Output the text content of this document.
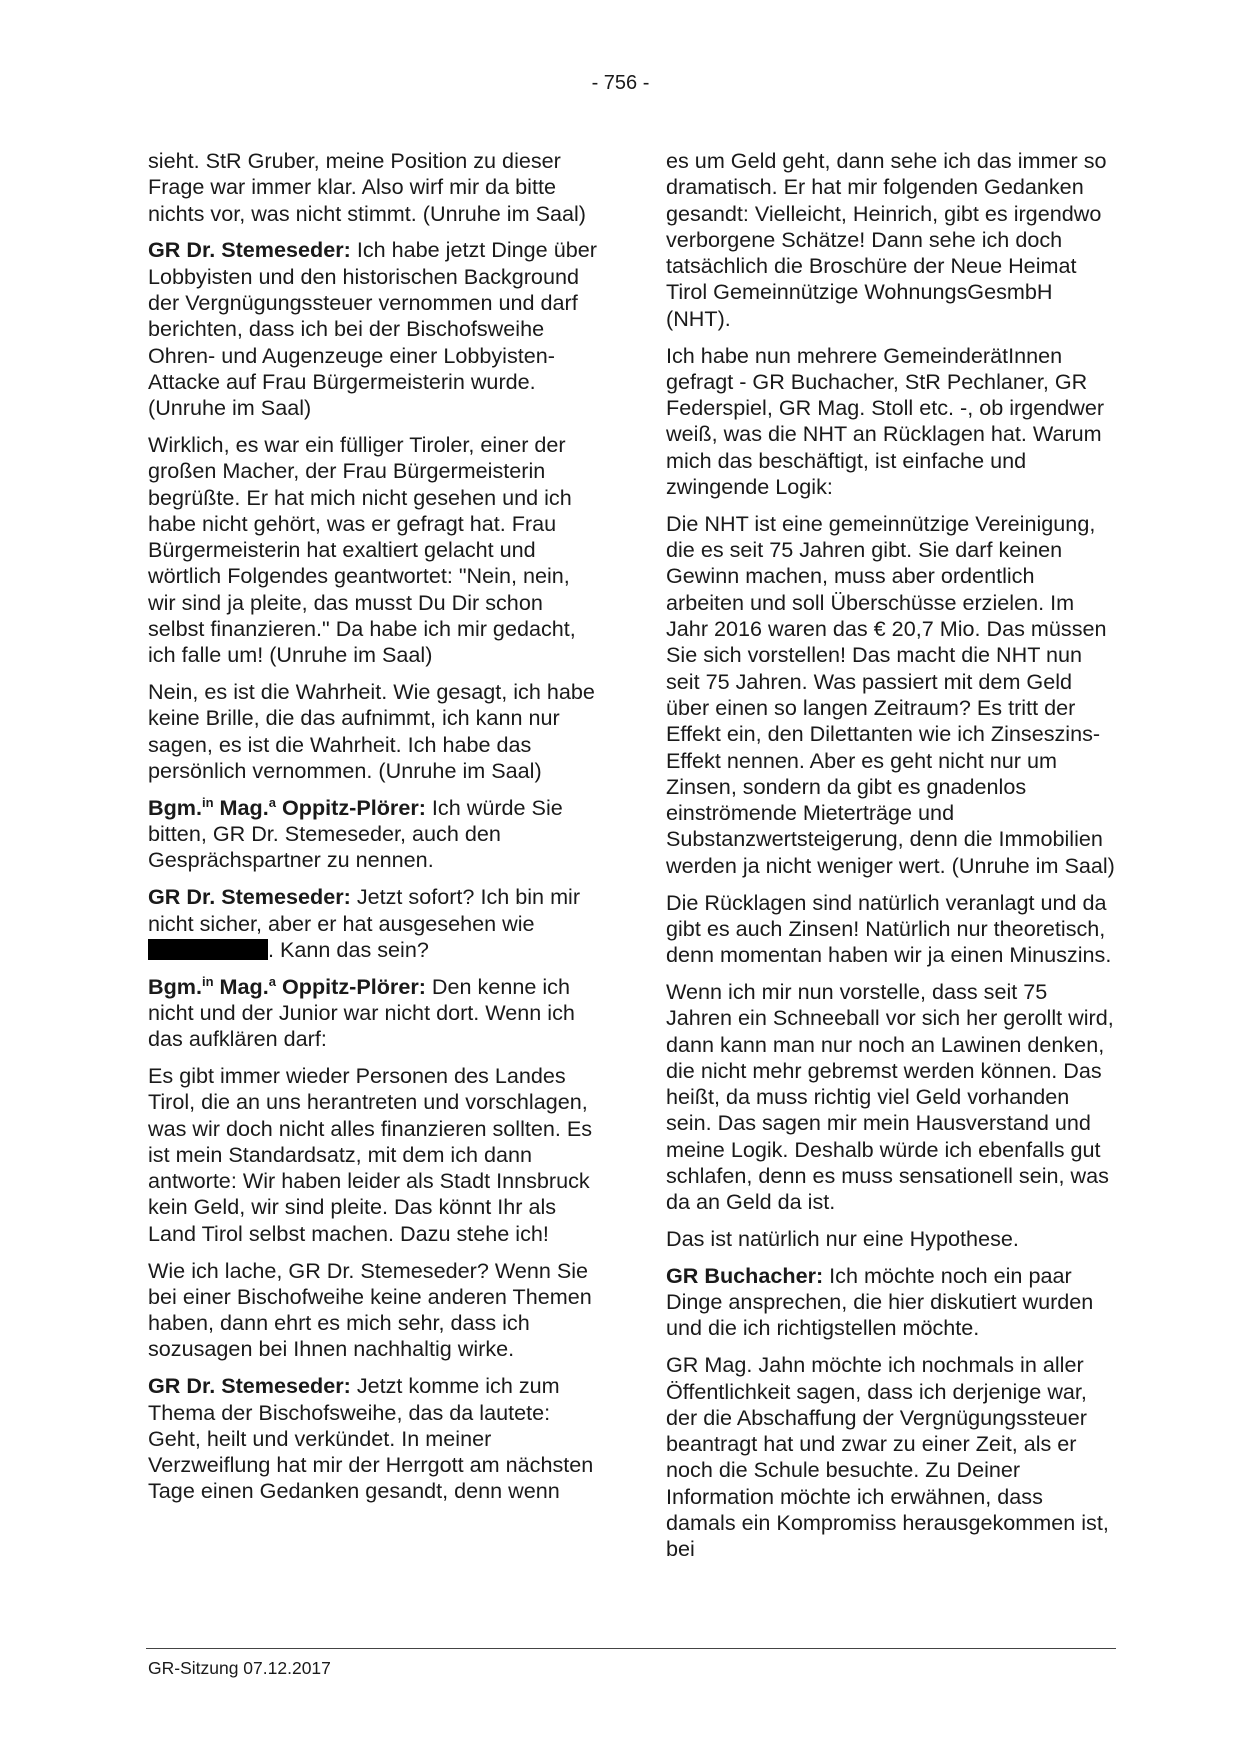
- 756 -

sieht. StR Gruber, meine Position zu dieser Frage war immer klar. Also wirf mir da bitte nichts vor, was nicht stimmt. (Unruhe im Saal)

GR Dr. Stemeseder: Ich habe jetzt Dinge über Lobbyisten und den historischen Background der Vergnügungssteuer vernommen und darf berichten, dass ich bei der Bischofsweihe Ohren- und Augenzeuge einer Lobbyisten-Attacke auf Frau Bürgermeisterin wurde. (Unruhe im Saal)

Wirklich, es war ein fülliger Tiroler, einer der großen Macher, der Frau Bürgermeisterin begrüßte. Er hat mich nicht gesehen und ich habe nicht gehört, was er gefragt hat. Frau Bürgermeisterin hat exaltiert gelacht und wörtlich Folgendes geantwortet: "Nein, nein, wir sind ja pleite, das musst Du Dir schon selbst finanzieren." Da habe ich mir gedacht, ich falle um! (Unruhe im Saal)

Nein, es ist die Wahrheit. Wie gesagt, ich habe keine Brille, die das aufnimmt, ich kann nur sagen, es ist die Wahrheit. Ich habe das persönlich vernommen. (Unruhe im Saal)

Bgm.$^{in}$ Mag.$^a$ Oppitz-Plörer: Ich würde Sie bitten, GR Dr. Stemeseder, auch den Gesprächspartner zu nennen.

GR Dr. Stemeseder: Jetzt sofort? Ich bin mir nicht sicher, aber er hat ausgesehen wie . Kann das sein?

Bgm.$^{in}$ Mag.$^a$ Oppitz-Plörer: Den kenne ich nicht und der Junior war nicht dort. Wenn ich das aufklären darf:

Es gibt immer wieder Personen des Landes Tirol, die an uns herantreten und vorschlagen, was wir doch nicht alles finanzieren sollten. Es ist mein Standardsatz, mit dem ich dann antworte: Wir haben leider als Stadt Innsbruck kein Geld, wir sind pleite. Das könnt Ihr als Land Tirol selbst machen. Dazu stehe ich!

Wie ich lache, GR Dr. Stemeseder? Wenn Sie bei einer Bischofweihe keine anderen Themen haben, dann ehrt es mich sehr, dass ich sozusagen bei Ihnen nachhaltig wirke.

GR Dr. Stemeseder: Jetzt komme ich zum Thema der Bischofsweihe, das da lautete: Geht, heilt und verkündet. In meiner Verzweiflung hat mir der Herrgott am nächsten Tage einen Gedanken gesandt, denn wenn

es um Geld geht, dann sehe ich das immer so dramatisch. Er hat mir folgenden Gedanken gesandt: Vielleicht, Heinrich, gibt es irgendwo verborgene Schätze! Dann sehe ich doch tatsächlich die Broschüre der Neue Heimat Tirol Gemeinnützige WohnungsGesmbH (NHT).

Ich habe nun mehrere GemeinderätInnen gefragt - GR Buchacher, StR Pechlaner, GR Federspiel, GR Mag. Stoll etc. -, ob irgendwer weiß, was die NHT an Rücklagen hat. Warum mich das beschäftigt, ist einfache und zwingende Logik:

Die NHT ist eine gemeinnützige Vereinigung, die es seit 75 Jahren gibt. Sie darf keinen Gewinn machen, muss aber ordentlich arbeiten und soll Überschüsse erzielen. Im Jahr 2016 waren das € 20,7 Mio. Das müssen Sie sich vorstellen! Das macht die NHT nun seit 75 Jahren. Was passiert mit dem Geld über einen so langen Zeitraum? Es tritt der Effekt ein, den Dilettanten wie ich Zinseszins-Effekt nennen. Aber es geht nicht nur um Zinsen, sondern da gibt es gnadenlos einströmende Mieterträge und Substanzwertsteigerung, denn die Immobilien werden ja nicht weniger wert. (Unruhe im Saal)

Die Rücklagen sind natürlich veranlagt und da gibt es auch Zinsen! Natürlich nur theoretisch, denn momentan haben wir ja einen Minuszins.

Wenn ich mir nun vorstelle, dass seit 75 Jahren ein Schneeball vor sich her gerollt wird, dann kann man nur noch an Lawinen denken, die nicht mehr gebremst werden können. Das heißt, da muss richtig viel Geld vorhanden sein. Das sagen mir mein Hausverstand und meine Logik. Deshalb würde ich ebenfalls gut schlafen, denn es muss sensationell sein, was da an Geld da ist.

Das ist natürlich nur eine Hypothese.

GR Buchacher: Ich möchte noch ein paar Dinge ansprechen, die hier diskutiert wurden und die ich richtigstellen möchte.

GR Mag. Jahn möchte ich nochmals in aller Öffentlichkeit sagen, dass ich derjenige war, der die Abschaffung der Vergnügungssteuer beantragt hat und zwar zu einer Zeit, als er noch die Schule besuchte. Zu Deiner Information möchte ich erwähnen, dass damals ein Kompromiss herausgekommen ist, bei

GR-Sitzung 07.12.2017
